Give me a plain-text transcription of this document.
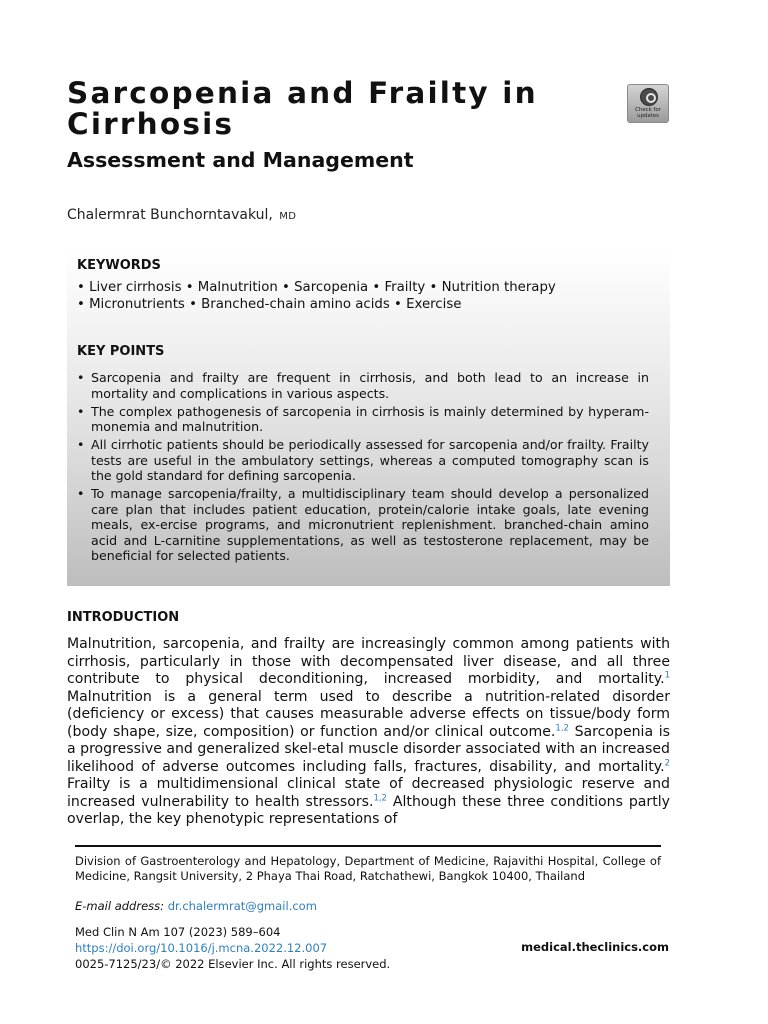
Sarcopenia and Frailty in Cirrhosis
Assessment and Management
Check for updates
Chalermrat Bunchorntavakul, MD
KEYWORDS
• Liver cirrhosis • Malnutrition • Sarcopenia • Frailty • Nutrition therapy
• Micronutrients • Branched-chain amino acids • Exercise
KEY POINTS
• Sarcopenia and frailty are frequent in cirrhosis, and both lead to an increase in mortality and complications in various aspects.
• The complex pathogenesis of sarcopenia in cirrhosis is mainly determined by hyperam-monemia and malnutrition.
• All cirrhotic patients should be periodically assessed for sarcopenia and/or frailty. Frailty tests are useful in the ambulatory settings, whereas a computed tomography scan is the gold standard for defining sarcopenia.
• To manage sarcopenia/frailty, a multidisciplinary team should develop a personalized care plan that includes patient education, protein/calorie intake goals, late evening meals, ex-ercise programs, and micronutrient replenishment. branched-chain amino acid and L-carnitine supplementations, as well as testosterone replacement, may be beneficial for selected patients.
INTRODUCTION

Malnutrition, sarcopenia, and frailty are increasingly common among patients with cirrhosis, particularly in those with decompensated liver disease, and all three contribute to physical deconditioning, increased morbidity, and mortality.$^1$ Malnutrition is a general term used to describe a nutrition-related disorder (deficiency or excess) that causes measurable adverse effects on tissue/body form (body shape, size, composition) or function and/or clinical outcome.$^{1,2}$ Sarcopenia is a progressive and generalized skel-etal muscle disorder associated with an increased likelihood of adverse outcomes including falls, fractures, disability, and mortality.$^2$ Frailty is a multidimensional clinical state of decreased physiologic reserve and increased vulnerability to health stressors.$^{1,2}$ Although these three conditions partly overlap, the key phenotypic representations of

Division of Gastroenterology and Hepatology, Department of Medicine, Rajavithi Hospital, College of Medicine, Rangsit University, 2 Phaya Thai Road, Ratchathewi, Bangkok 10400, Thailand
E-mail address: dr.chalermrat@gmail.com
Med Clin N Am 107 (2023) 589–604
https://doi.org/10.1016/j.mcna.2022.12.007
0025-7125/23/© 2022 Elsevier Inc. All rights reserved.
medical.theclinics.com
